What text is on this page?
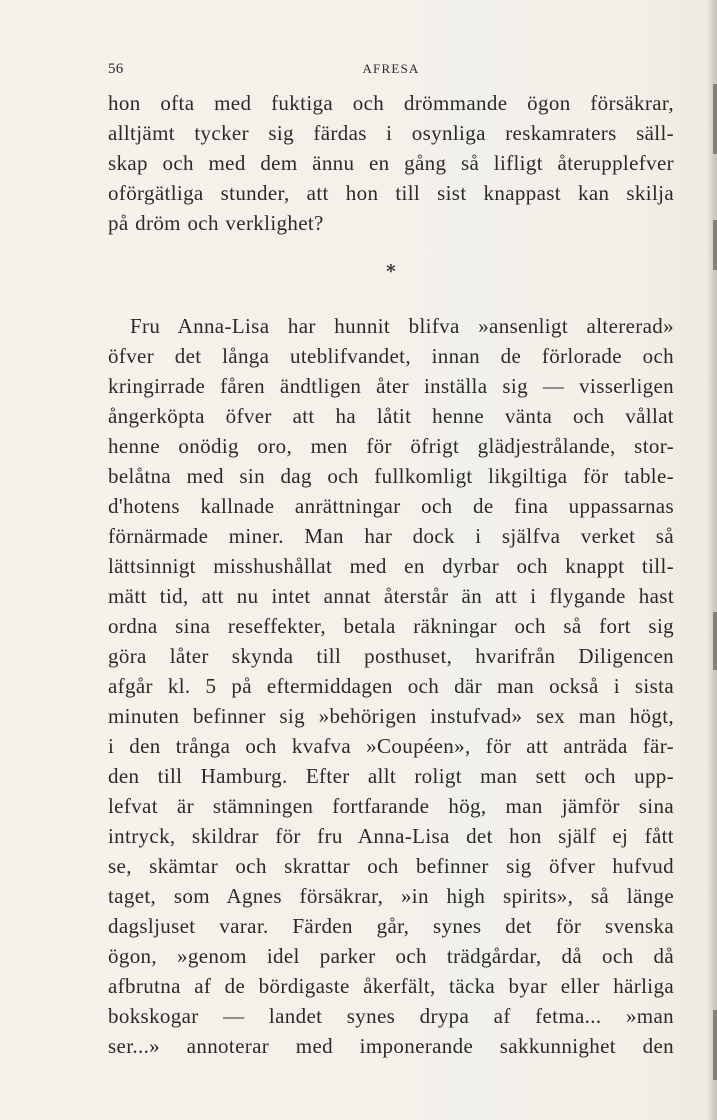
56	AFRESA
hon ofta med fuktiga och drömmande ögon försäkrar,
alltjämt tycker sig färdas i osynliga reskamraters säll-
skap och med dem ännu en gång så lifligt återupplefver
oförgätliga stunder, att hon till sist knappast kan skilja
på dröm och verklighet?
*
Fru Anna-Lisa har hunnit blifva »ansenligt altererad»
öfver det långa uteblifvandet, innan de förlorade och
kringirrade fåren ändtligen åter inställa sig — visserligen
ångerköpta öfver att ha låtit henne vänta och vållat
henne onödig oro, men för öfrigt glädjestrålande, stor-
belåtna med sin dag och fullkomligt likgiltiga för table-
d'hotens kallnade anrättningar och de fina uppassarnas
förnärmade miner. Man har dock i själfva verket så
lättsinnigt misshushållat med en dyrbar och knappt till-
mätt tid, att nu intet annat återstår än att i flygande hast
ordna sina reseffekter, betala räkningar och så fort sig
göra låter skynda till posthuset, hvarifrån Diligencen
afgår kl. 5 på eftermiddagen och där man också i sista
minuten befinner sig »behörigen instufvad» sex man högt,
i den trånga och kvafva »Coupéen», för att anträda fär-
den till Hamburg. Efter allt roligt man sett och upp-
lefvat är stämningen fortfarande hög, man jämför sina
intryck, skildrar för fru Anna-Lisa det hon själf ej fått
se, skämtar och skrattar och befinner sig öfver hufvud
taget, som Agnes försäkrar, »in high spirits», så länge
dagsljuset varar. Färden går, synes det för svenska
ögon, »genom idel parker och trädgårdar, då och då
afbrutna af de bördigaste åkerfält, täcka byar eller härliga
bokskogar — landet synes drypa af fetma... »man
ser...» annoterar med imponerande sakkunnighet den
